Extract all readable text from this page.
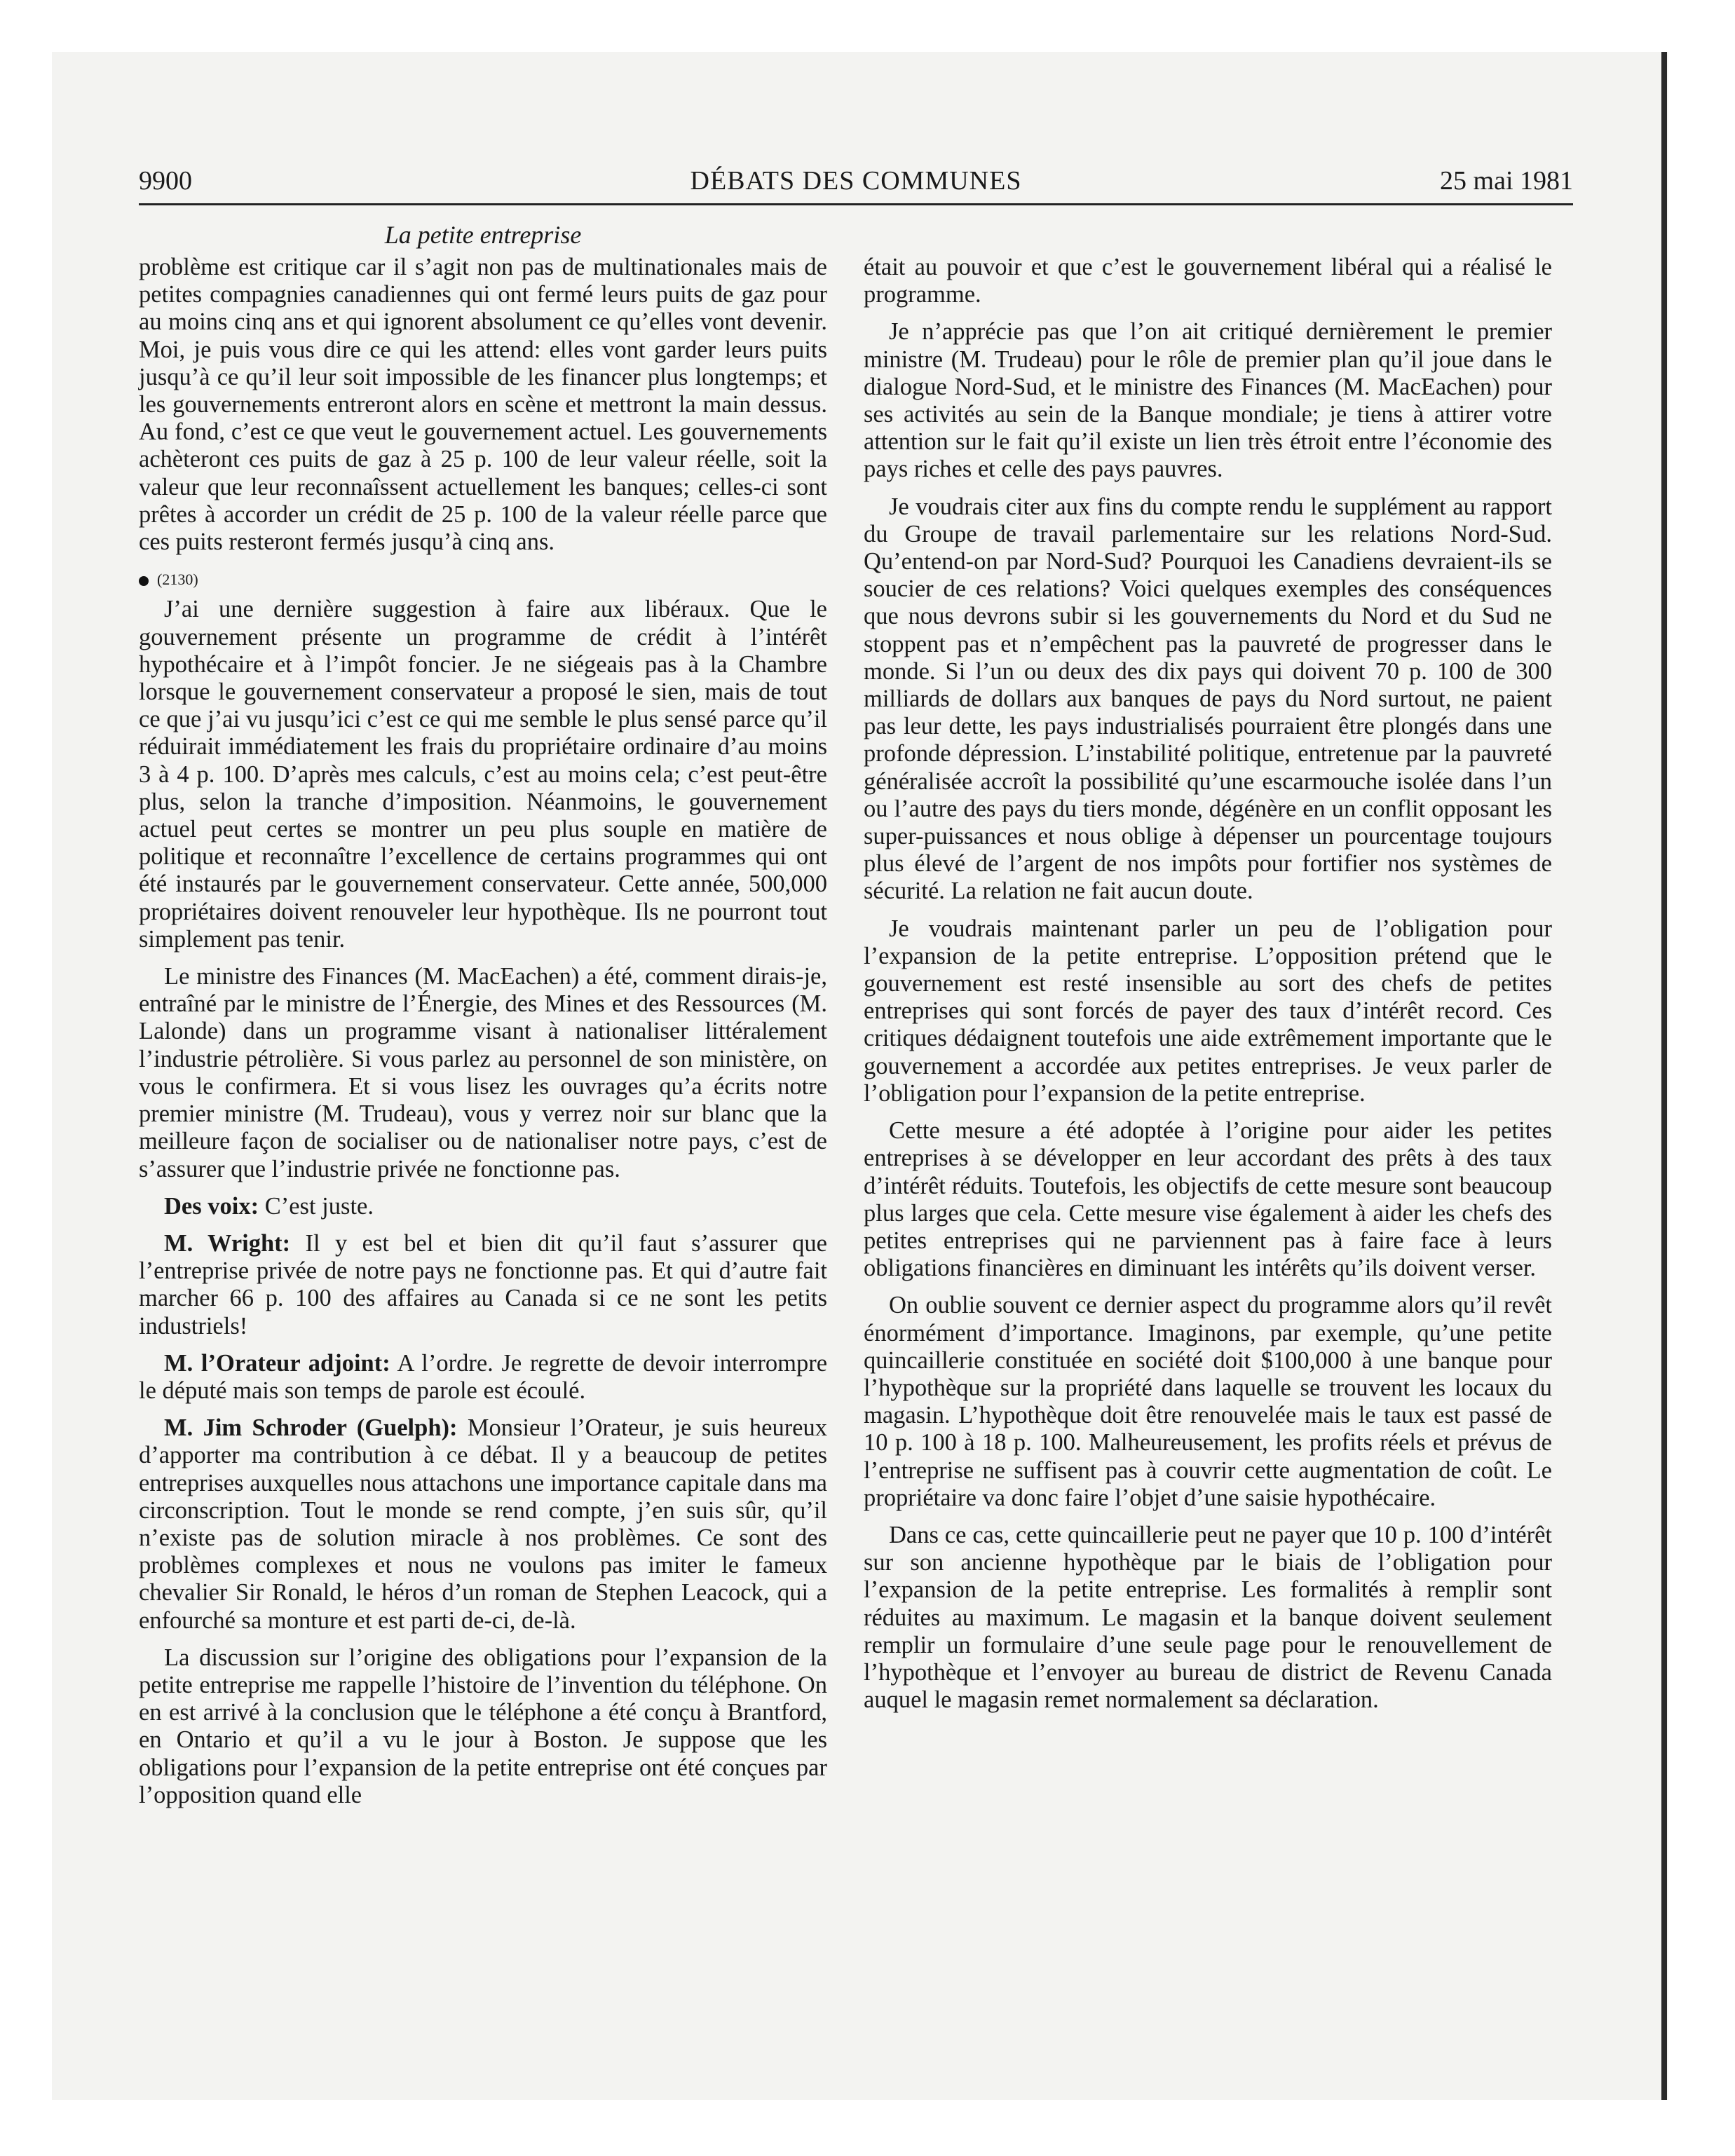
9900	DÉBATS DES COMMUNES	25 mai 1981
La petite entreprise

problème est critique car il s’agit non pas de multinationales mais de petites compagnies canadiennes qui ont fermé leurs puits de gaz pour au moins cinq ans et qui ignorent absolument ce qu’elles vont devenir. Moi, je puis vous dire ce qui les attend: elles vont garder leurs puits jusqu’à ce qu’il leur soit impossible de les financer plus longtemps; et les gouvernements entreront alors en scène et mettront la main dessus. Au fond, c’est ce que veut le gouvernement actuel. Les gouvernements achèteront ces puits de gaz à 25 p. 100 de leur valeur réelle, soit la valeur que leur reconnaîssent actuellement les banques; celles-ci sont prêtes à accorder un crédit de 25 p. 100 de la valeur réelle parce que ces puits resteront fermés jusqu’à cinq ans.

(2130)

J’ai une dernière suggestion à faire aux libéraux. Que le gouvernement présente un programme de crédit à l’intérêt hypothécaire et à l’impôt foncier. Je ne siégeais pas à la Chambre lorsque le gouvernement conservateur a proposé le sien, mais de tout ce que j’ai vu jusqu’ici c’est ce qui me semble le plus sensé parce qu’il réduirait immédiatement les frais du propriétaire ordinaire d’au moins 3 à 4 p. 100. D’après mes calculs, c’est au moins cela; c’est peut-être plus, selon la tranche d’imposition. Néanmoins, le gouvernement actuel peut certes se montrer un peu plus souple en matière de politique et reconnaître l’excellence de certains programmes qui ont été instaurés par le gouvernement conservateur. Cette année, 500,000 propriétaires doivent renouveler leur hypothèque. Ils ne pourront tout simplement pas tenir.

Le ministre des Finances (M. MacEachen) a été, comment dirais-je, entraîné par le ministre de l’Énergie, des Mines et des Ressources (M. Lalonde) dans un programme visant à nationaliser littéralement l’industrie pétrolière. Si vous parlez au personnel de son ministère, on vous le confirmera. Et si vous lisez les ouvrages qu’a écrits notre premier ministre (M. Trudeau), vous y verrez noir sur blanc que la meilleure façon de socialiser ou de nationaliser notre pays, c’est de s’assurer que l’industrie privée ne fonctionne pas.

Des voix: C’est juste.

M. Wright: Il y est bel et bien dit qu’il faut s’assurer que l’entreprise privée de notre pays ne fonctionne pas. Et qui d’autre fait marcher 66 p. 100 des affaires au Canada si ce ne sont les petits industriels!

M. l’Orateur adjoint: A l’ordre. Je regrette de devoir interrompre le député mais son temps de parole est écoulé.

M. Jim Schroder (Guelph): Monsieur l’Orateur, je suis heureux d’apporter ma contribution à ce débat. Il y a beaucoup de petites entreprises auxquelles nous attachons une importance capitale dans ma circonscription. Tout le monde se rend compte, j’en suis sûr, qu’il n’existe pas de solution miracle à nos problèmes. Ce sont des problèmes complexes et nous ne voulons pas imiter le fameux chevalier Sir Ronald, le héros d’un roman de Stephen Leacock, qui a enfourché sa monture et est parti de-ci, de-là.

La discussion sur l’origine des obligations pour l’expansion de la petite entreprise me rappelle l’histoire de l’invention du téléphone. On en est arrivé à la conclusion que le téléphone a été conçu à Brantford, en Ontario et qu’il a vu le jour à Boston. Je suppose que les obligations pour l’expansion de la petite entreprise ont été conçues par l’opposition quand elle

était au pouvoir et que c’est le gouvernement libéral qui a réalisé le programme.

Je n’apprécie pas que l’on ait critiqué dernièrement le premier ministre (M. Trudeau) pour le rôle de premier plan qu’il joue dans le dialogue Nord-Sud, et le ministre des Finances (M. MacEachen) pour ses activités au sein de la Banque mondiale; je tiens à attirer votre attention sur le fait qu’il existe un lien très étroit entre l’économie des pays riches et celle des pays pauvres.

Je voudrais citer aux fins du compte rendu le supplément au rapport du Groupe de travail parlementaire sur les relations Nord-Sud. Qu’entend-on par Nord-Sud? Pourquoi les Canadiens devraient-ils se soucier de ces relations? Voici quelques exemples des conséquences que nous devrons subir si les gouvernements du Nord et du Sud ne stoppent pas et n’empêchent pas la pauvreté de progresser dans le monde. Si l’un ou deux des dix pays qui doivent 70 p. 100 de 300 milliards de dollars aux banques de pays du Nord surtout, ne paient pas leur dette, les pays industrialisés pourraient être plongés dans une profonde dépression. L’instabilité politique, entretenue par la pauvreté généralisée accroît la possibilité qu’une escarmouche isolée dans l’un ou l’autre des pays du tiers monde, dégénère en un conflit opposant les super-puissances et nous oblige à dépenser un pourcentage toujours plus élevé de l’argent de nos impôts pour fortifier nos systèmes de sécurité. La relation ne fait aucun doute.

Je voudrais maintenant parler un peu de l’obligation pour l’expansion de la petite entreprise. L’opposition prétend que le gouvernement est resté insensible au sort des chefs de petites entreprises qui sont forcés de payer des taux d’intérêt record. Ces critiques dédaignent toutefois une aide extrêmement importante que le gouvernement a accordée aux petites entreprises. Je veux parler de l’obligation pour l’expansion de la petite entreprise.

Cette mesure a été adoptée à l’origine pour aider les petites entreprises à se développer en leur accordant des prêts à des taux d’intérêt réduits. Toutefois, les objectifs de cette mesure sont beaucoup plus larges que cela. Cette mesure vise également à aider les chefs des petites entreprises qui ne parviennent pas à faire face à leurs obligations financières en diminuant les intérêts qu’ils doivent verser.

On oublie souvent ce dernier aspect du programme alors qu’il revêt énormément d’importance. Imaginons, par exemple, qu’une petite quincaillerie constituée en société doit $100,000 à une banque pour l’hypothèque sur la propriété dans laquelle se trouvent les locaux du magasin. L’hypothèque doit être renouvelée mais le taux est passé de 10 p. 100 à 18 p. 100. Malheureusement, les profits réels et prévus de l’entreprise ne suffisent pas à couvrir cette augmentation de coût. Le propriétaire va donc faire l’objet d’une saisie hypothécaire.

Dans ce cas, cette quincaillerie peut ne payer que 10 p. 100 d’intérêt sur son ancienne hypothèque par le biais de l’obligation pour l’expansion de la petite entreprise. Les formalités à remplir sont réduites au maximum. Le magasin et la banque doivent seulement remplir un formulaire d’une seule page pour le renouvellement de l’hypothèque et l’envoyer au bureau de district de Revenu Canada auquel le magasin remet normalement sa déclaration.
